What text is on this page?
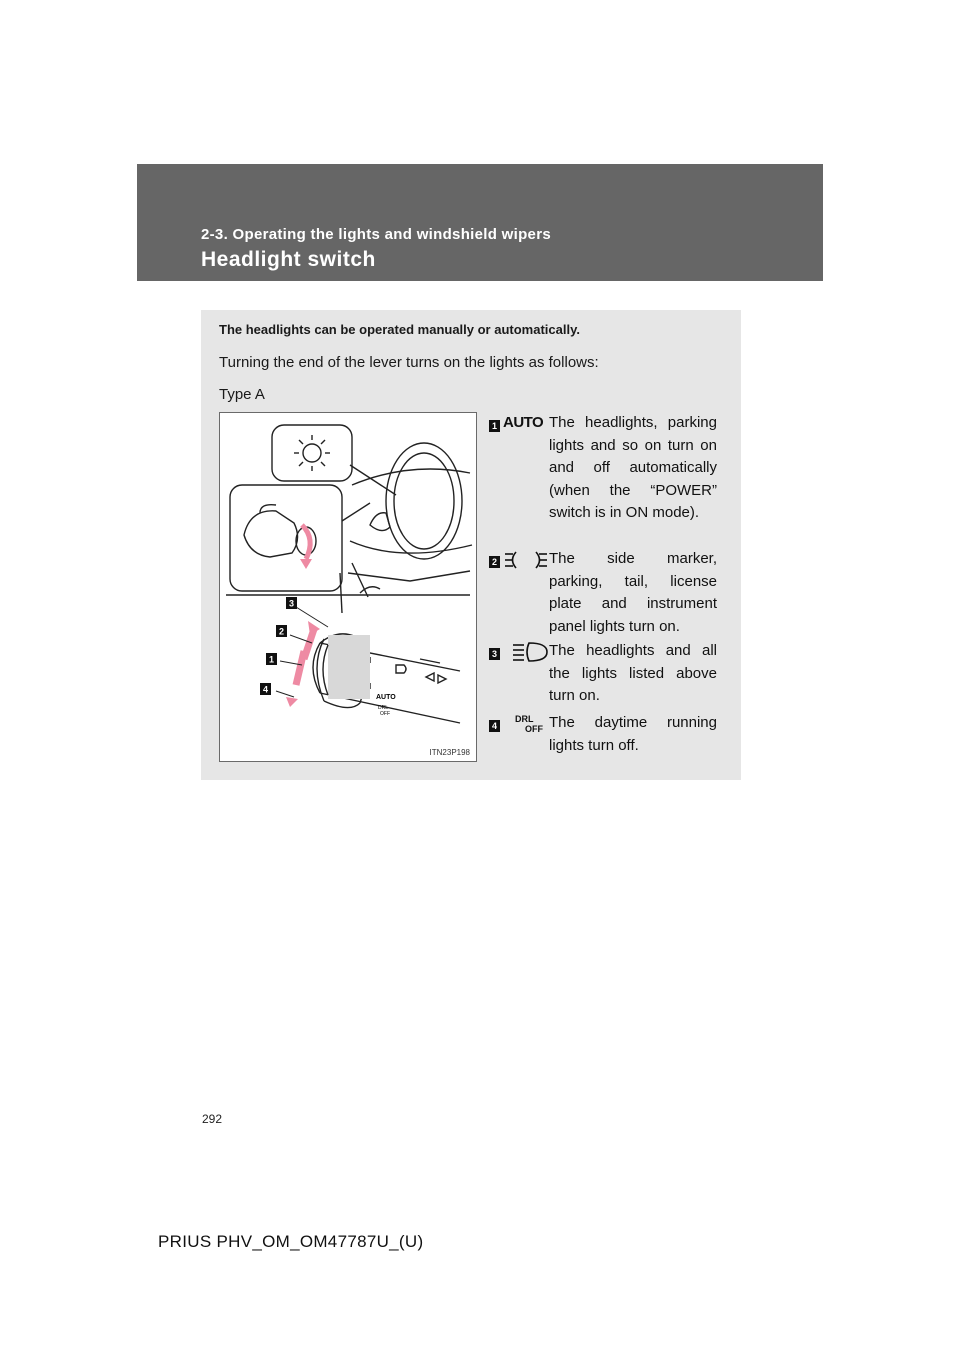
2-3. Operating the lights and windshield wipers
Headlight switch
The headlights can be operated manually or automatically.
Turning the end of the lever turns on the lights as follows:
Type A
AUTO
DRL
OFF
3
2
1
4
ITN23P198
1 AUTO The headlights, parking lights and so on turn on and off automatically (when the “POWER” switch is in ON mode).
2	The side marker, parking, tail, license plate and instrument panel lights turn on.
3	The headlights and all the lights listed above turn on.
4
DRL
OFF The daytime running lights turn off.
292
PRIUS PHV_OM_OM47787U_(U)
